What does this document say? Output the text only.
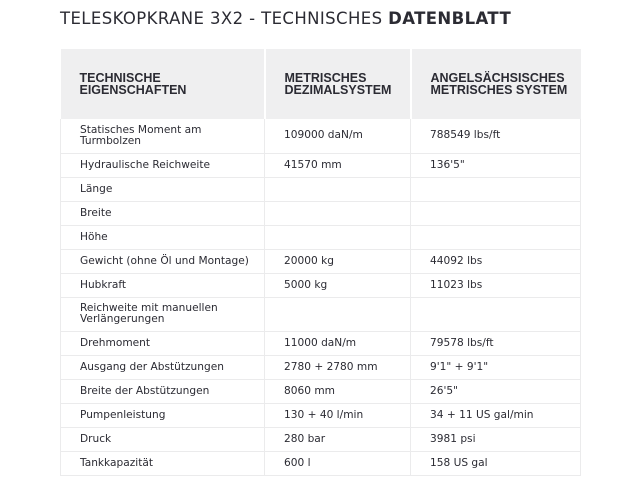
TELESKOPKRANE 3X2 - TECHNISCHES DATENBLATT
TECHNISCHE EIGENSCHAFTEN	METRISCHES DEZIMALSYSTEM	ANGELSÄCHSISCHES METRISCHES SYSTEM
Statisches Moment am Turmbolzen	109000 daN/m	788549 lbs/ft
Hydraulische Reichweite	41570 mm	136'5"
Länge		
Breite		
Höhe		
Gewicht (ohne Öl und Montage)	20000 kg	44092 lbs
Hubkraft	5000 kg	11023 lbs
Reichweite mit manuellen Verlängerungen		
Drehmoment	11000 daN/m	79578 lbs/ft
Ausgang der Abstützungen	2780 + 2780 mm	9'1" + 9'1"
Breite der Abstützungen	8060 mm	26'5"
Pumpenleistung	130 + 40 l/min	34 + 11 US gal/min
Druck	280 bar	3981 psi
Tankkapazität	600 l	158 US gal
